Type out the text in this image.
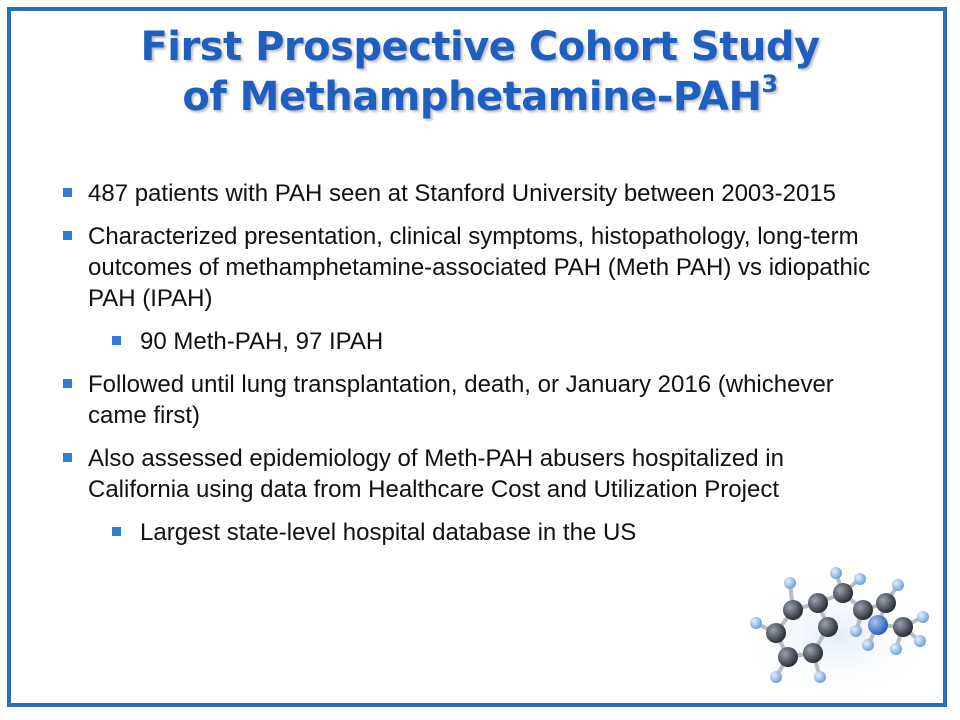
First Prospective Cohort Study
of Methamphetamine-PAH$^3$
487 patients with PAH seen at Stanford University between 2003-2015
Characterized presentation, clinical symptoms, histopathology, long-term outcomes of methamphetamine-associated PAH (Meth PAH) vs idiopathic PAH (IPAH)
90 Meth-PAH, 97 IPAH
Followed until lung transplantation, death, or January 2016 (whichever came first)
Also assessed epidemiology of Meth-PAH abusers hospitalized in California using data from Healthcare Cost and Utilization Project
Largest state-level hospital database in the US
